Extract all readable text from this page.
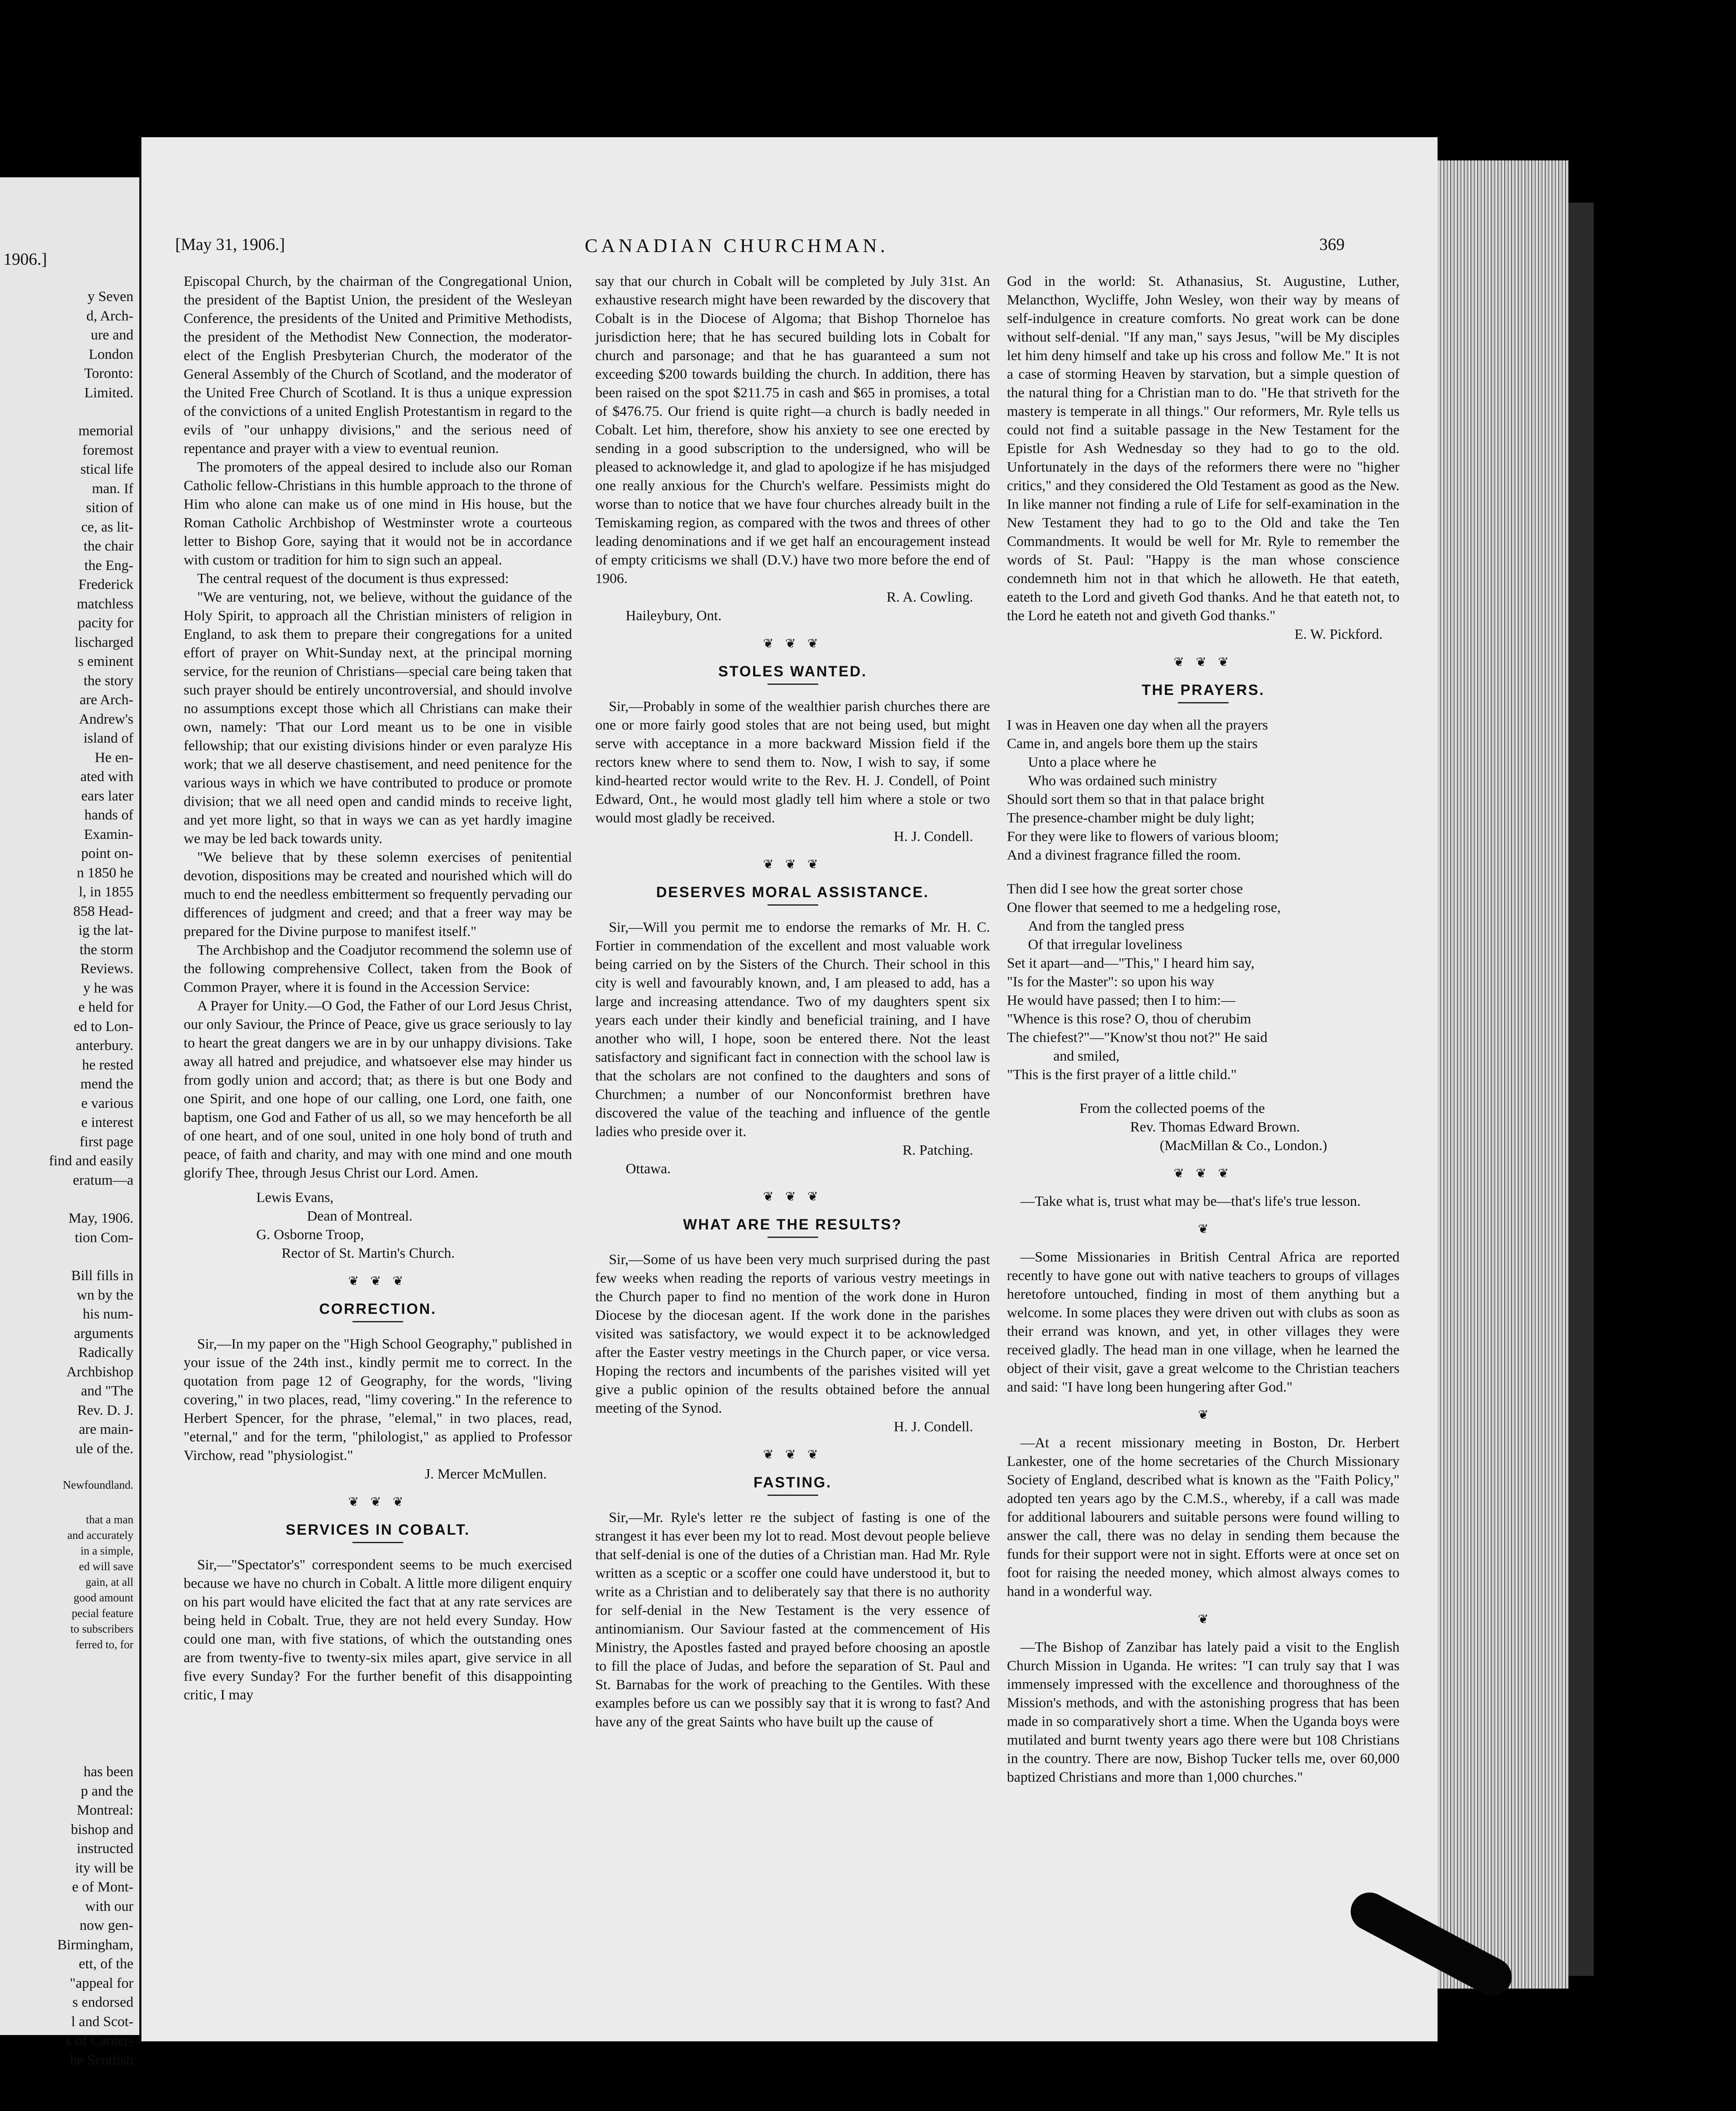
1906.]
y Seven
d, Arch-
ure and
London
Toronto:
Limited.
memorial
foremost
stical life
man. If
sition of
ce, as lit-
the chair
the Eng-
Frederick
matchless
pacity for
lischarged
s eminent
the story
are Arch-
Andrew's
island of
He en-
ated with
ears later
hands of
Examin-
point on-
n 1850 he
l, in 1855
858 Head-
ig the lat-
the storm
Reviews.
y he was
e held for
ed to Lon-
anterbury.
he rested
mend the
e various
e interest
first page
find and easily
eratum—a
May, 1906.
tion Com-
Bill fills in
wn by the
his num-
arguments
Radically
Archbishop
and "The
Rev. D. J.
are main-
ule of the.
Newfoundland.
that a man
and accurately
in a simple,
ed will save
gain, at all
good amount
pecial feature
to subscribers
ferred to, for
has been
p and the
Montreal:
bishop and
instructed
ity will be
e of Mont-
with our
now gen-
Birmingham,
ett, of the
"appeal for
s endorsed
l and Scot-
s of Canter-
he Scottish
[May 31, 1906.]	CANADIAN CHURCHMAN.	369

Episcopal Church, by the chairman of the Congregational Union, the president of the Baptist Union, the president of the Wesleyan Conference, the presidents of the United and Primitive Methodists, the president of the Methodist New Connection, the moderator-elect of the English Presbyterian Church, the moderator of the General Assembly of the Church of Scotland, and the moderator of the United Free Church of Scotland. It is thus a unique expression of the convictions of a united English Protestantism in regard to the evils of "our unhappy divisions," and the serious need of repentance and prayer with a view to eventual reunion.

The promoters of the appeal desired to include also our Roman Catholic fellow-Christians in this humble approach to the throne of Him who alone can make us of one mind in His house, but the Roman Catholic Archbishop of Westminster wrote a courteous letter to Bishop Gore, saying that it would not be in accordance with custom or tradition for him to sign such an appeal.

The central request of the document is thus expressed:

"We are venturing, not, we believe, without the guidance of the Holy Spirit, to approach all the Christian ministers of religion in England, to ask them to prepare their congregations for a united effort of prayer on Whit-Sunday next, at the principal morning service, for the reunion of Christians—special care being taken that such prayer should be entirely uncontroversial, and should involve no assumptions except those which all Christians can make their own, namely: 'That our Lord meant us to be one in visible fellowship; that our existing divisions hinder or even paralyze His work; that we all deserve chastisement, and need penitence for the various ways in which we have contributed to produce or promote division; that we all need open and candid minds to receive light, and yet more light, so that in ways we can as yet hardly imagine we may be led back towards unity.

"We believe that by these solemn exercises of penitential devotion, dispositions may be created and nourished which will do much to end the needless embitterment so frequently pervading our differences of judgment and creed; and that a freer way may be prepared for the Divine purpose to manifest itself."

The Archbishop and the Coadjutor recommend the solemn use of the following comprehensive Collect, taken from the Book of Common Prayer, where it is found in the Accession Service:

A Prayer for Unity.—O God, the Father of our Lord Jesus Christ, our only Saviour, the Prince of Peace, give us grace seriously to lay to heart the great dangers we are in by our unhappy divisions. Take away all hatred and prejudice, and whatsoever else may hinder us from godly union and accord; that; as there is but one Body and one Spirit, and one hope of our calling, one Lord, one faith, one baptism, one God and Father of us all, so we may henceforth be all of one heart, and of one soul, united in one holy bond of truth and peace, of faith and charity, and may with one mind and one mouth glorify Thee, through Jesus Christ our Lord. Amen.

Lewis Evans,

Dean of Montreal.

G. Osborne Troop,

Rector of St. Martin's Church.

❦ ❦ ❦
CORRECTION.

Sir,—In my paper on the "High School Geography," published in your issue of the 24th inst., kindly permit me to correct. In the quotation from page 12 of Geography, for the words, "living covering," in two places, read, "limy covering." In the reference to Herbert Spencer, for the phrase, "elemal," in two places, read, "eternal," and for the term, "philologist," as applied to Professor Virchow, read "physiologist."

J. Mercer McMullen.

❦ ❦ ❦
SERVICES IN COBALT.

Sir,—"Spectator's" correspondent seems to be much exercised because we have no church in Cobalt. A little more diligent enquiry on his part would have elicited the fact that at any rate services are being held in Cobalt. True, they are not held every Sunday. How could one man, with five stations, of which the outstanding ones are from twenty-five to twenty-six miles apart, give service in all five every Sunday? For the further benefit of this disappointing critic, I may

say that our church in Cobalt will be completed by July 31st. An exhaustive research might have been rewarded by the discovery that Cobalt is in the Diocese of Algoma; that Bishop Thorneloe has jurisdiction here; that he has secured building lots in Cobalt for church and parsonage; and that he has guaranteed a sum not exceeding $200 towards building the church. In addition, there has been raised on the spot $211.75 in cash and $65 in promises, a total of $476.75. Our friend is quite right—a church is badly needed in Cobalt. Let him, therefore, show his anxiety to see one erected by sending in a good subscription to the undersigned, who will be pleased to acknowledge it, and glad to apologize if he has misjudged one really anxious for the Church's welfare. Pessimists might do worse than to notice that we have four churches already built in the Temiskaming region, as compared with the twos and threes of other leading denominations and if we get half an encouragement instead of empty criticisms we shall (D.V.) have two more before the end of 1906.

R. A. Cowling.

Haileybury, Ont.

❦ ❦ ❦
STOLES WANTED.

Sir,—Probably in some of the wealthier parish churches there are one or more fairly good stoles that are not being used, but might serve with acceptance in a more backward Mission field if the rectors knew where to send them to. Now, I wish to say, if some kind-hearted rector would write to the Rev. H. J. Condell, of Point Edward, Ont., he would most gladly tell him where a stole or two would most gladly be received.

H. J. Condell.

❦ ❦ ❦
DESERVES MORAL ASSISTANCE.

Sir,—Will you permit me to endorse the remarks of Mr. H. C. Fortier in commendation of the excellent and most valuable work being carried on by the Sisters of the Church. Their school in this city is well and favourably known, and, I am pleased to add, has a large and increasing attendance. Two of my daughters spent six years each under their kindly and beneficial training, and I have another who will, I hope, soon be entered there. Not the least satisfactory and significant fact in connection with the school law is that the scholars are not confined to the daughters and sons of Churchmen; a number of our Nonconformist brethren have discovered the value of the teaching and influence of the gentle ladies who preside over it.

R. Patching.

Ottawa.

❦ ❦ ❦
WHAT ARE THE RESULTS?

Sir,—Some of us have been very much surprised during the past few weeks when reading the reports of various vestry meetings in the Church paper to find no mention of the work done in Huron Diocese by the diocesan agent. If the work done in the parishes visited was satisfactory, we would expect it to be acknowledged after the Easter vestry meetings in the Church paper, or vice versa. Hoping the rectors and incumbents of the parishes visited will yet give a public opinion of the results obtained before the annual meeting of the Synod.

H. J. Condell.

❦ ❦ ❦
FASTING.

Sir,—Mr. Ryle's letter re the subject of fasting is one of the strangest it has ever been my lot to read. Most devout people believe that self-denial is one of the duties of a Christian man. Had Mr. Ryle written as a sceptic or a scoffer one could have understood it, but to write as a Christian and to deliberately say that there is no authority for self-denial in the New Testament is the very essence of antinomianism. Our Saviour fasted at the commencement of His Ministry, the Apostles fasted and prayed before choosing an apostle to fill the place of Judas, and before the separation of St. Paul and St. Barnabas for the work of preaching to the Gentiles. With these examples before us can we possibly say that it is wrong to fast? And have any of the great Saints who have built up the cause of

God in the world: St. Athanasius, St. Augustine, Luther, Melancthon, Wycliffe, John Wesley, won their way by means of self-indulgence in creature comforts. No great work can be done without self-denial. "If any man," says Jesus, "will be My disciples let him deny himself and take up his cross and follow Me." It is not a case of storming Heaven by starvation, but a simple question of the natural thing for a Christian man to do. "He that striveth for the mastery is temperate in all things." Our reformers, Mr. Ryle tells us could not find a suitable passage in the New Testament for the Epistle for Ash Wednesday so they had to go to the old. Unfortunately in the days of the reformers there were no "higher critics," and they considered the Old Testament as good as the New. In like manner not finding a rule of Life for self-examination in the New Testament they had to go to the Old and take the Ten Commandments. It would be well for Mr. Ryle to remember the words of St. Paul: "Happy is the man whose conscience condemneth him not in that which he alloweth. He that eateth, eateth to the Lord and giveth God thanks. And he that eateth not, to the Lord he eateth not and giveth God thanks."

E. W. Pickford.

❦ ❦ ❦
THE PRAYERS.
I was in Heaven one day when all the prayers
Came in, and angels bore them up the stairs
Unto a place where he
Who was ordained such ministry
Should sort them so that in that palace bright
The presence-chamber might be duly light;
For they were like to flowers of various bloom;
And a divinest fragrance filled the room.
Then did I see how the great sorter chose
One flower that seemed to me a hedgeling rose,
And from the tangled press
Of that irregular loveliness
Set it apart—and—"This," I heard him say,
"Is for the Master": so upon his way
He would have passed; then I to him:—
"Whence is this rose? O, thou of cherubim
The chiefest?"—"Know'st thou not?" He said
and smiled,
"This is the first prayer of a little child."

From the collected poems of the

Rev. Thomas Edward Brown.

(MacMillan & Co., London.)

❦ ❦ ❦

—Take what is, trust what may be—that's life's true lesson.

❦

—Some Missionaries in British Central Africa are reported recently to have gone out with native teachers to groups of villages heretofore untouched, finding in most of them anything but a welcome. In some places they were driven out with clubs as soon as their errand was known, and yet, in other villages they were received gladly. The head man in one village, when he learned the object of their visit, gave a great welcome to the Christian teachers and said: "I have long been hungering after God."

❦

—At a recent missionary meeting in Boston, Dr. Herbert Lankester, one of the home secretaries of the Church Missionary Society of England, described what is known as the "Faith Policy," adopted ten years ago by the C.M.S., whereby, if a call was made for additional labourers and suitable persons were found willing to answer the call, there was no delay in sending them because the funds for their support were not in sight. Efforts were at once set on foot for raising the needed money, which almost always comes to hand in a wonderful way.

❦

—The Bishop of Zanzibar has lately paid a visit to the English Church Mission in Uganda. He writes: "I can truly say that I was immensely impressed with the excellence and thoroughness of the Mission's methods, and with the astonishing progress that has been made in so comparatively short a time. When the Uganda boys were mutilated and burnt twenty years ago there were but 108 Christians in the country. There are now, Bishop Tucker tells me, over 60,000 baptized Christians and more than 1,000 churches."
